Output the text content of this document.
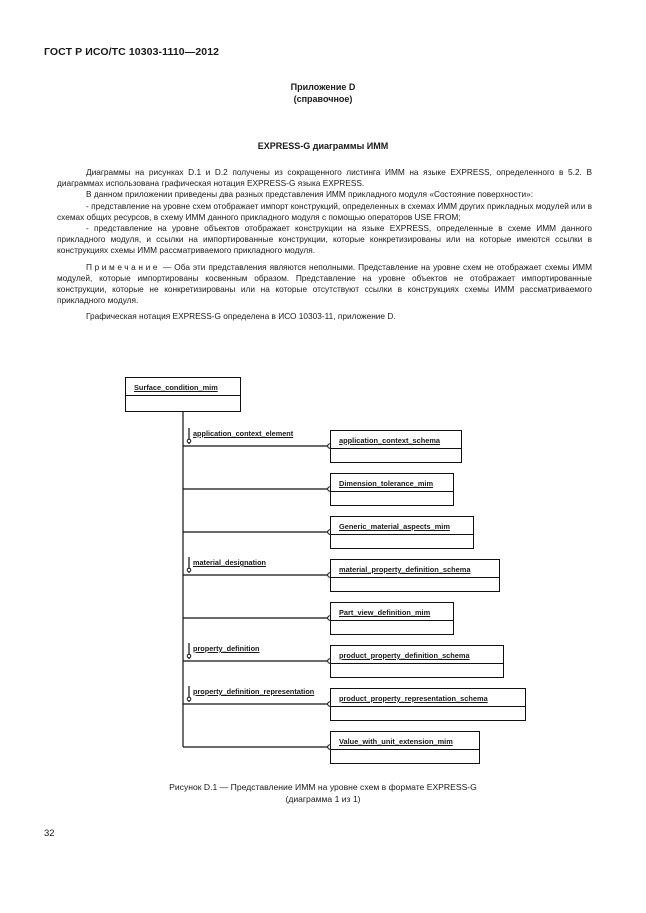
ГОСТ Р ИСО/ТС 10303-1110—2012
Приложение D
(справочное)
EXPRESS-G диаграммы ИММ

Диаграммы на рисунках D.1 и D.2 получены из сокращенного листинга ИММ на языке EXPRESS, определенного в 5.2. В диаграммах использована графическая нотация EXPRESS-G языка EXPRESS.

В данном приложении приведены два разных представления ИММ прикладного модуля «Состояние поверхности»:

- представление на уровне схем отображает импорт конструкций, определенных в схемах ИММ других прикладных модулей или в схемах общих ресурсов, в схему ИММ данного прикладного модуля с помощью операторов USE FROM;

- представление на уровне объектов отображает конструкции на языке EXPRESS, определенные в схеме ИММ данного прикладного модуля, и ссылки на импортированные конструкции, которые конкретизированы или на которые имеются ссылки в конструкциях схемы ИММ рассматриваемого прикладного модуля.

Примечание — Оба эти представления являются неполными. Представление на уровне схем не отображает схемы ИММ модулей, которые импортированы косвенным образом. Представление на уровне объектов не отображает импортированные конструкции, которые не конкретизированы или на которые отсутствуют ссылки в конструкциях схемы ИММ рассматриваемого прикладного модуля.

Графическая нотация EXPRESS-G определена в ИСО 10303-11, приложение D.

Surface_condition_mim
application_context_element
material_designation
property_definition
property_definition_representation
application_context_schema
Dimension_tolerance_mim
Generic_material_aspects_mim
material_property_definition_schema
Part_view_definition_mim
product_property_definition_schema
product_property_representation_schema
Value_with_unit_extension_mim
Рисунок D.1 — Представление ИММ на уровне схем в формате EXPRESS-G
(диаграмма 1 из 1)
32
